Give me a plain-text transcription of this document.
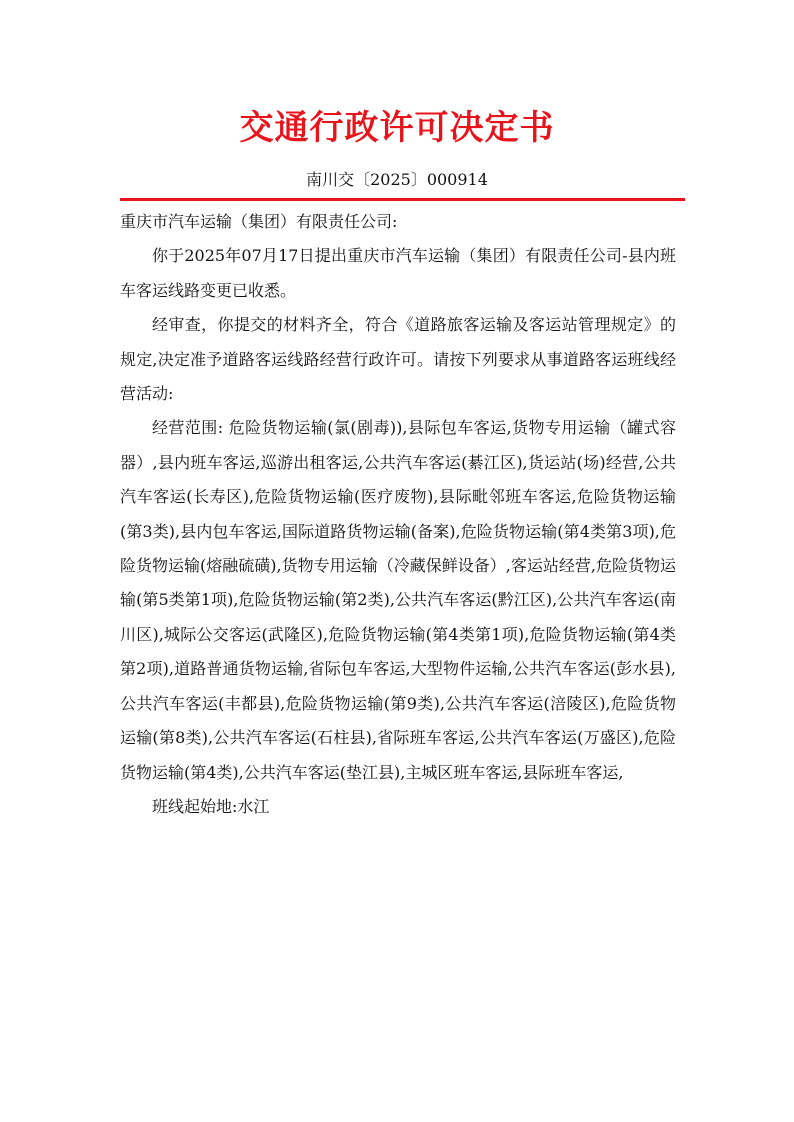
交通行政许可决定书
南川交〔2025〕000914

重庆市汽车运输（集团）有限责任公司:

你于2025年07月17日提出重庆市汽车运输（集团）有限责任公司-县内班车客运线路变更已收悉。

经审查，你提交的材料齐全，符合《道路旅客运输及客运站管理规定》的规定,决定准予道路客运线路经营行政许可。请按下列要求从事道路客运班线经营活动:

经营范围: 危险货物运输(氯(剧毒)),县际包车客运,货物专用运输（罐式容器）,县内班车客运,巡游出租客运,公共汽车客运(綦江区),货运站(场)经营,公共汽车客运(长寿区),危险货物运输(医疗废物),县际毗邻班车客运,危险货物运输(第3类),县内包车客运,国际道路货物运输(备案),危险货物运输(第4类第3项),危险货物运输(熔融硫磺),货物专用运输（冷藏保鲜设备）,客运站经营,危险货物运输(第5类第1项),危险货物运输(第2类),公共汽车客运(黔江区),公共汽车客运(南川区),城际公交客运(武隆区),危险货物运输(第4类第1项),危险货物运输(第4类第2项),道路普通货物运输,省际包车客运,大型物件运输,公共汽车客运(彭水县),公共汽车客运(丰都县),危险货物运输(第9类),公共汽车客运(涪陵区),危险货物运输(第8类),公共汽车客运(石柱县),省际班车客运,公共汽车客运(万盛区),危险货物运输(第4类),公共汽车客运(垫江县),主城区班车客运,县际班车客运,

班线起始地:水江
